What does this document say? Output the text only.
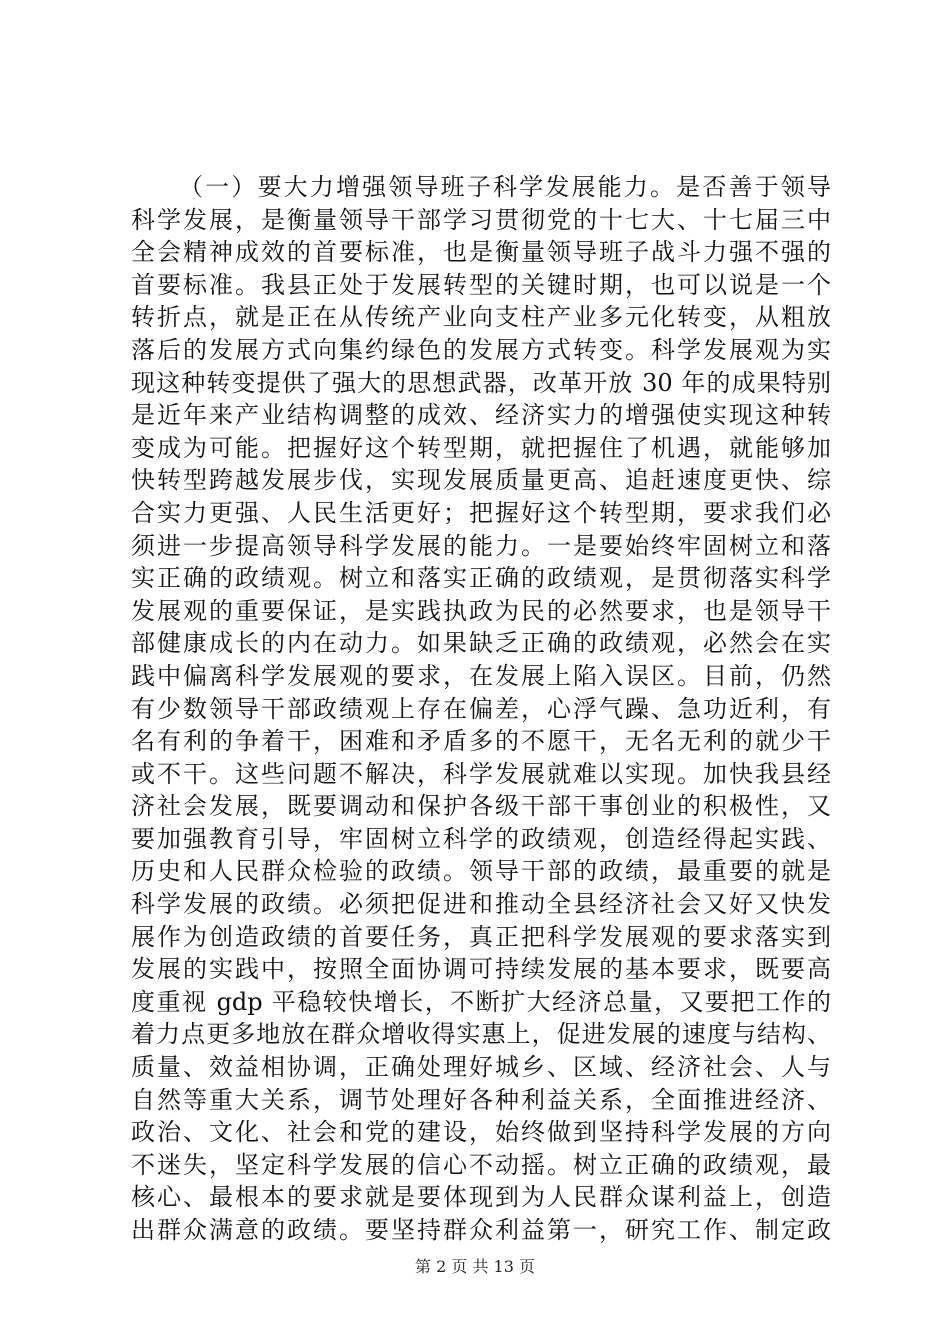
（一）要大力增强领导班子科学发展能力。是否善于领导
科学发展，是衡量领导干部学习贯彻党的十七大、十七届三中
全会精神成效的首要标准，也是衡量领导班子战斗力强不强的
首要标准。我县正处于发展转型的关键时期，也可以说是一个
转折点，就是正在从传统产业向支柱产业多元化转变，从粗放
落后的发展方式向集约绿色的发展方式转变。科学发展观为实
现这种转变提供了强大的思想武器，改革开放 30 年的成果特别
是近年来产业结构调整的成效、经济实力的增强使实现这种转
变成为可能。把握好这个转型期，就把握住了机遇，就能够加
快转型跨越发展步伐，实现发展质量更高、追赶速度更快、综
合实力更强、人民生活更好；把握好这个转型期，要求我们必
须进一步提高领导科学发展的能力。一是要始终牢固树立和落
实正确的政绩观。树立和落实正确的政绩观，是贯彻落实科学
发展观的重要保证，是实践执政为民的必然要求，也是领导干
部健康成长的内在动力。如果缺乏正确的政绩观，必然会在实
践中偏离科学发展观的要求，在发展上陷入误区。目前，仍然
有少数领导干部政绩观上存在偏差，心浮气躁、急功近利，有
名有利的争着干，困难和矛盾多的不愿干，无名无利的就少干
或不干。这些问题不解决，科学发展就难以实现。加快我县经
济社会发展，既要调动和保护各级干部干事创业的积极性，又
要加强教育引导，牢固树立科学的政绩观，创造经得起实践、
历史和人民群众检验的政绩。领导干部的政绩，最重要的就是
科学发展的政绩。必须把促进和推动全县经济社会又好又快发
展作为创造政绩的首要任务，真正把科学发展观的要求落实到
发展的实践中，按照全面协调可持续发展的基本要求，既要高
度重视 gdp 平稳较快增长，不断扩大经济总量，又要把工作的
着力点更多地放在群众增收得实惠上，促进发展的速度与结构、
质量、效益相协调，正确处理好城乡、区域、经济社会、人与
自然等重大关系，调节处理好各种利益关系，全面推进经济、
政治、文化、社会和党的建设，始终做到坚持科学发展的方向
不迷失，坚定科学发展的信心不动摇。树立正确的政绩观，最
核心、最根本的要求就是要体现到为人民群众谋利益上，创造
出群众满意的政绩。要坚持群众利益第一，研究工作、制定政
第 2 页 共 13 页
